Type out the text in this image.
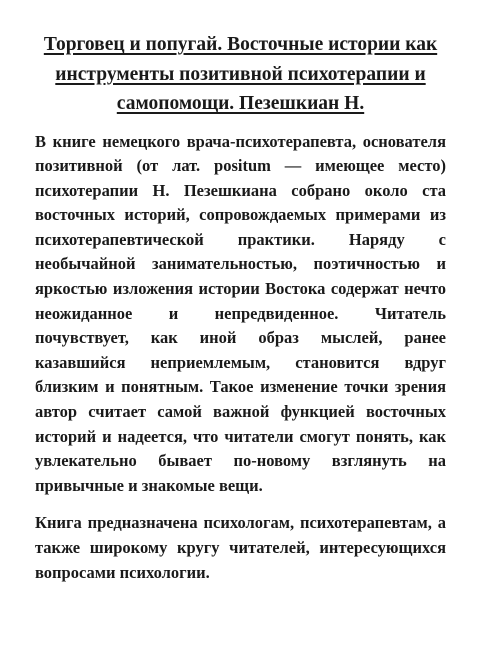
Торговец и попугай. Восточные истории как инструменты позитивной психотерапии и самопомощи. Пезешкиан Н.

В книге немецкого врача-психотерапевта, основателя позитивной (от лат. positum — имеющее место) психотерапии Н. Пезешкиана собрано около ста восточных историй, сопровождаемых примерами из психотерапевтической практики. Наряду с необычайной занимательностью, поэтичностью и яркостью изложения истории Востока содержат нечто неожиданное и непредвиденное. Читатель почувствует, как иной образ мыслей, ранее казавшийся неприемлемым, становится вдруг близким и понятным. Такое изменение точки зрения автор считает самой важной функцией восточных историй и надеется, что читатели смогут понять, как увлекательно бывает по-новому взглянуть на привычные и знакомые вещи.

Книга предназначена психологам, психотерапевтам, а также широкому кругу читателей, интересующихся вопросами психологии.
